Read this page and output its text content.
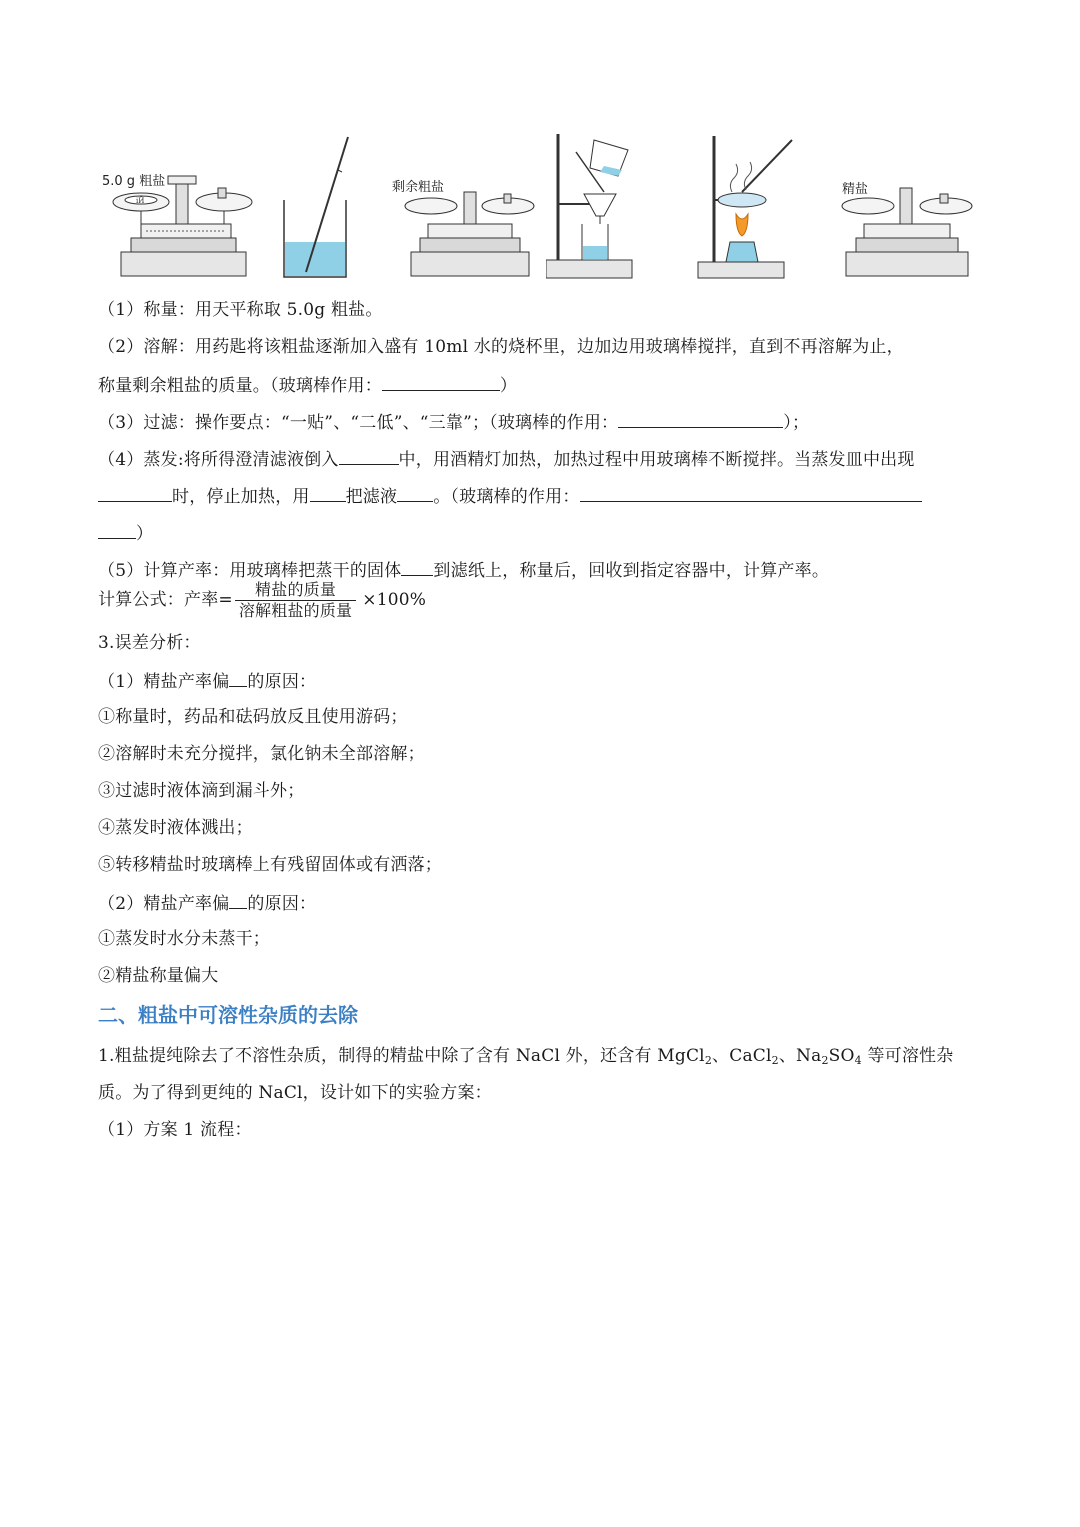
iЙ
5.0 g 粗盐	剩余粗盐	精盐
（1）称量：用天平称取 5.0g 粗盐。
（2）溶解：用药匙将该粗盐逐渐加入盛有 10ml 水的烧杯里，边加边用玻璃棒搅拌，直到不再溶解为止，
称量剩余粗盐的质量。（玻璃棒作用：	）
（3）过滤：操作要点：“一贴”、“二低”、“三靠”；（玻璃棒的作用：	）；
（4）蒸发:将所得澄清滤液倒入	中，用酒精灯加热，加热过程中用玻璃棒不断搅拌。当蒸发皿中出现
时，停止加热，用 把滤液 。（玻璃棒的作用：
）
（5）计算产率：用玻璃棒把蒸干的固体 到滤纸上，称量后，回收到指定容器中，计算产率。
计算公式：产率= $\frac{\text{精盐的质量}}{\text{溶解粗盐的质量}} \times 100\%$
3.误差分析：
（1）精盐产率偏 的原因：
①称量时，药品和砝码放反且使用游码；
②溶解时未充分搅拌，氯化钠未全部溶解；
③过滤时液体滴到漏斗外；
④蒸发时液体溅出；
⑤转移精盐时玻璃棒上有残留固体或有洒落；
（2）精盐产率偏 的原因：
①蒸发时水分未蒸干；
②精盐称量偏大
二、粗盐中可溶性杂质的去除
1.粗盐提纯除去了不溶性杂质，制得的精盐中除了含有 NaCl 外，还含有 MgCl$_2$、CaCl$_2$、$Na_2SO_4$ 等可溶性杂
质。为了得到更纯的 NaCl，设计如下的实验方案：
（1）方案 1 流程：
